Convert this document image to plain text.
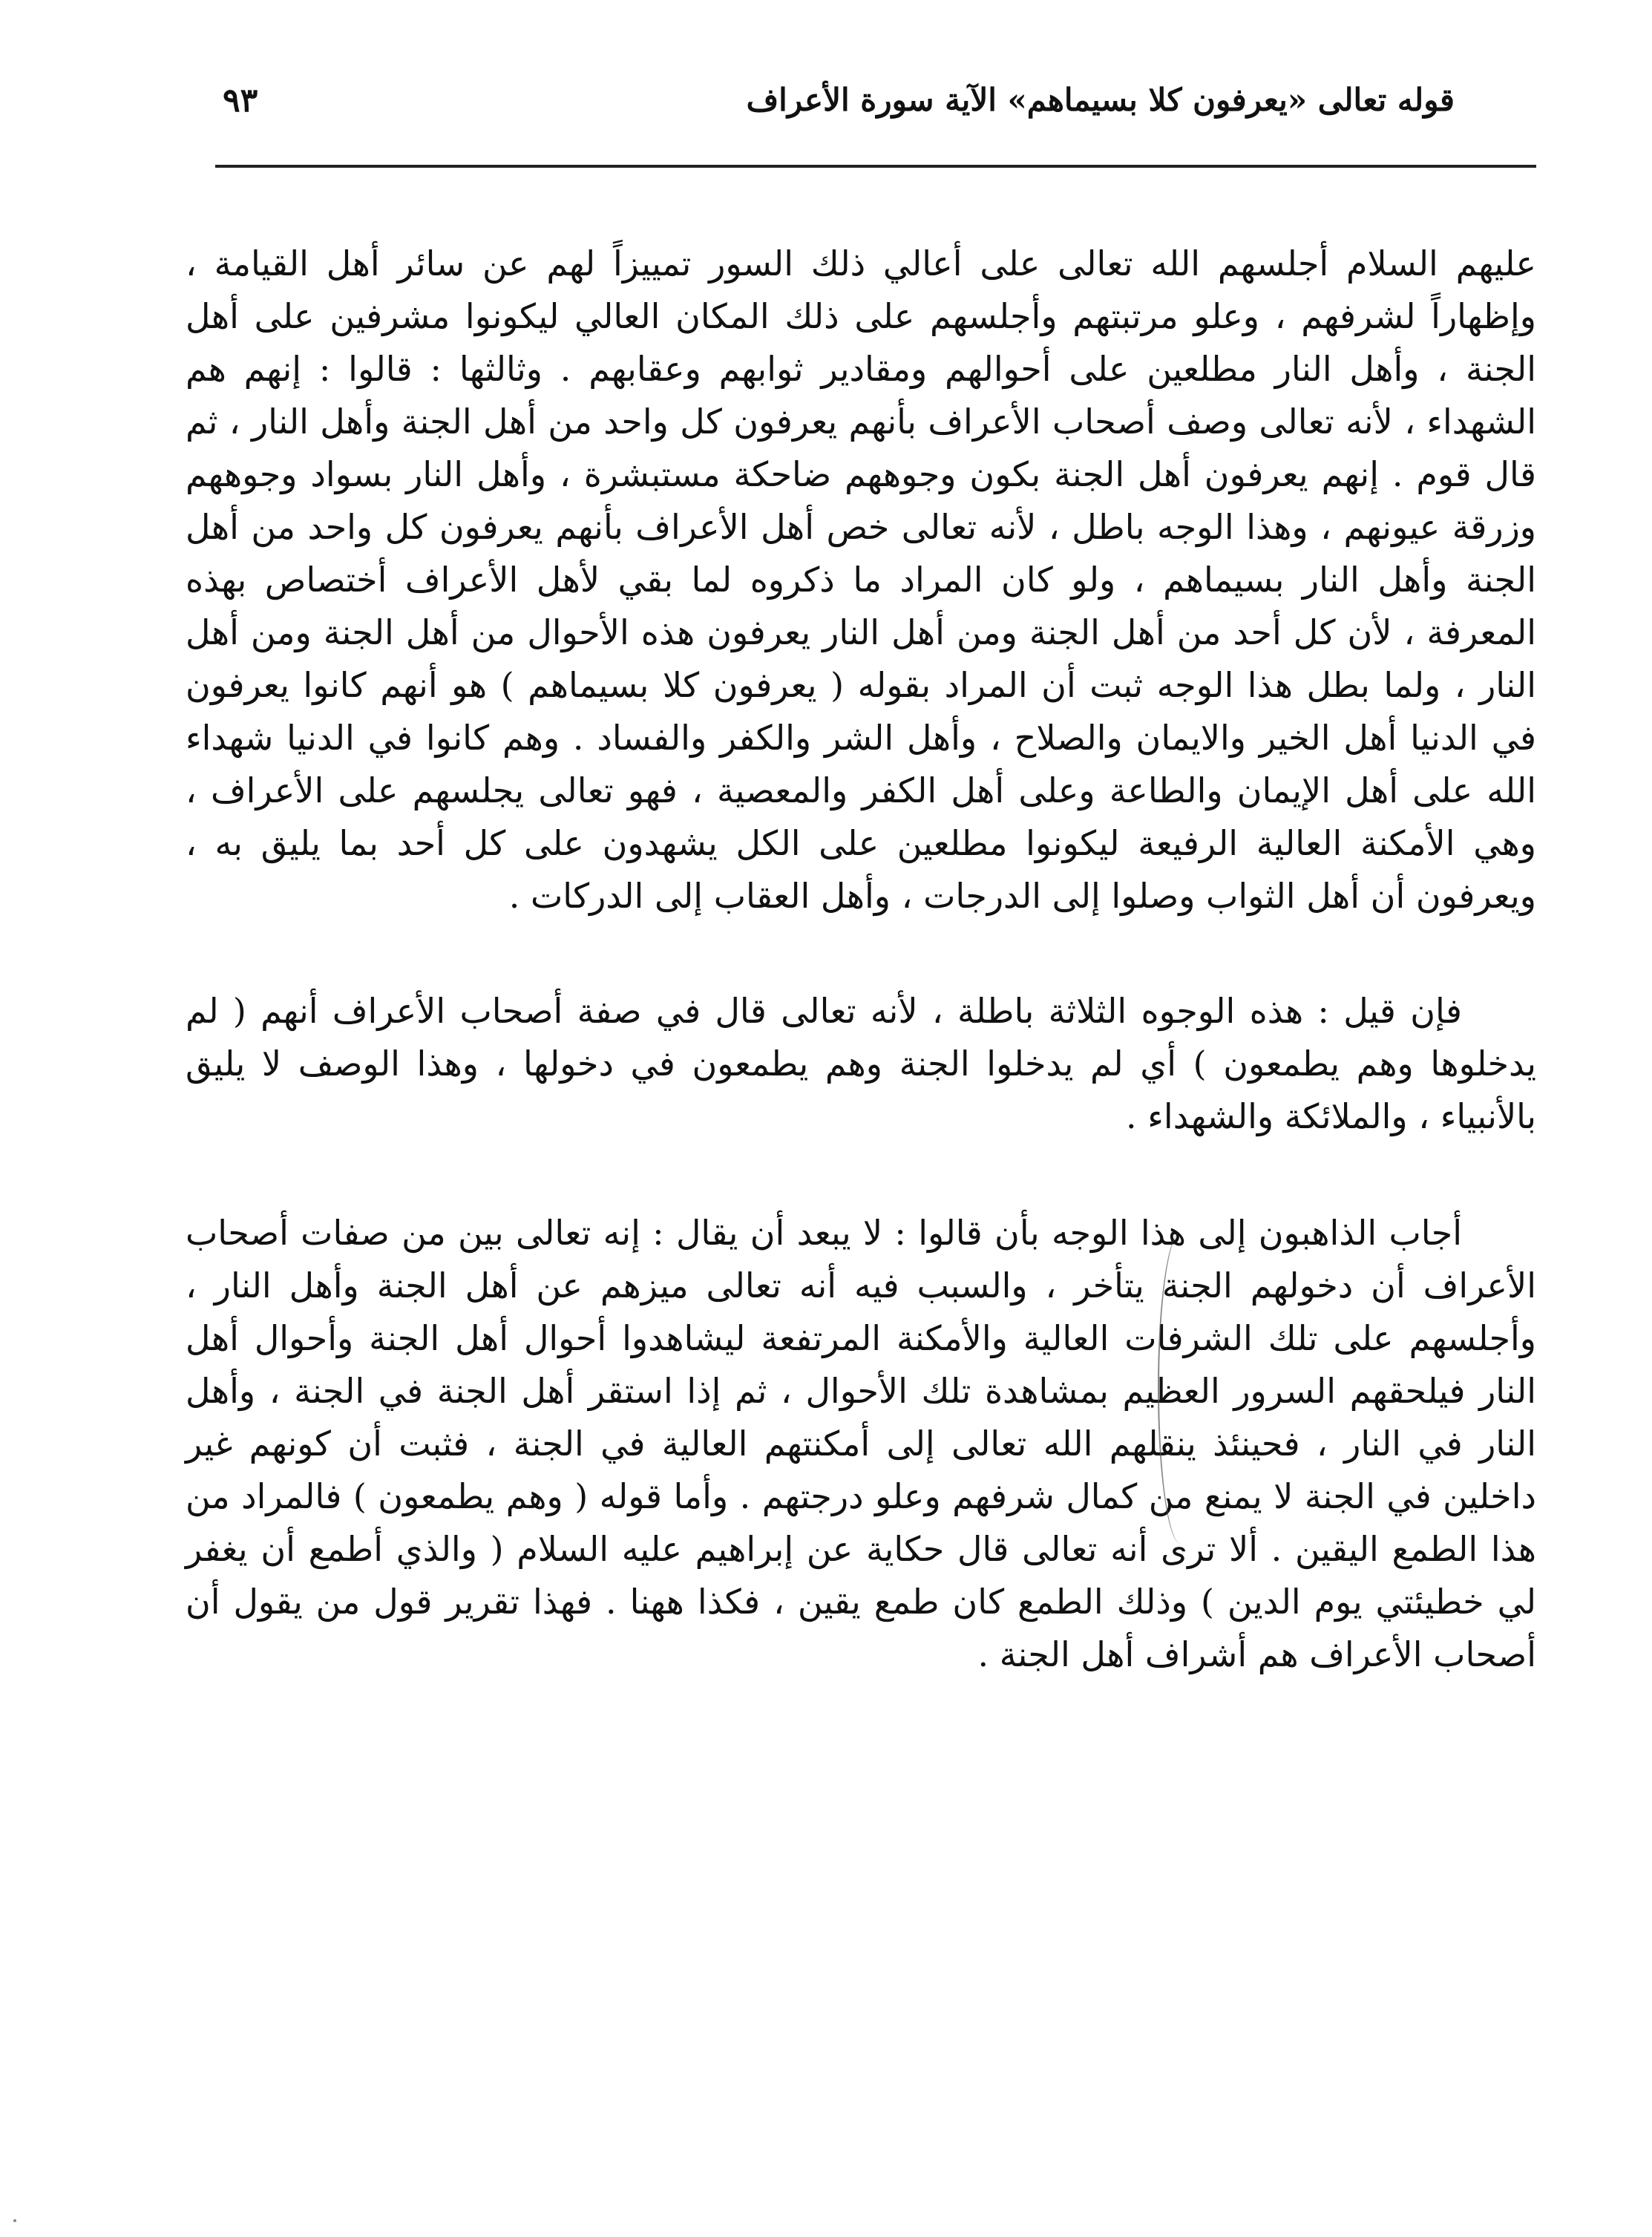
قوله تعالى «يعرفون كلا بسيماهم» الآية سورة الأعراف
٩٣

عليهم السلام أجلسهم الله تعالى على أعالي ذلك السور تمييزاً لهم عن سائر أهل القيامة ، وإظهاراً لشرفهم ، وعلو مرتبتهم وأجلسهم على ذلك المكان العالي ليكونوا مشرفين على أهل الجنة ، وأهل النار مطلعين على أحوالهم ومقادير ثوابهم وعقابهم . وثالثها : قالوا : إنهم هم الشهداء ، لأنه تعالى وصف أصحاب الأعراف بأنهم يعرفون كل واحد من أهل الجنة وأهل النار ، ثم قال قوم . إنهم يعرفون أهل الجنة بكون وجوههم ضاحكة مستبشرة ، وأهل النار بسواد وجوههم وزرقة عيونهم ، وهذا الوجه باطل ، لأنه تعالى خص أهل الأعراف بأنهم يعرفون كل واحد من أهل الجنة وأهل النار بسيماهم ، ولو كان المراد ما ذكروه لما بقي لأهل الأعراف أختصاص بهذه المعرفة ، لأن كل أحد من أهل الجنة ومن أهل النار يعرفون هذه الأحوال من أهل الجنة ومن أهل النار ، ولما بطل هذا الوجه ثبت أن المراد بقوله ( يعرفون كلا بسيماهم ) هو أنهم كانوا يعرفون في الدنيا أهل الخير والايمان والصلاح ، وأهل الشر والكفر والفساد . وهم كانوا في الدنيا شهداء الله على أهل الإيمان والطاعة وعلى أهل الكفر والمعصية ، فهو تعالى يجلسهم على الأعراف ، وهي الأمكنة العالية الرفيعة ليكونوا مطلعين على الكل يشهدون على كل أحد بما يليق به ، ويعرفون أن أهل الثواب وصلوا إلى الدرجات ، وأهل العقاب إلى الدركات .

فإن قيل : هذه الوجوه الثلاثة باطلة ، لأنه تعالى قال في صفة أصحاب الأعراف أنهم ( لم يدخلوها وهم يطمعون ) أي لم يدخلوا الجنة وهم يطمعون في دخولها ، وهذا الوصف لا يليق بالأنبياء ، والملائكة والشهداء .

أجاب الذاهبون إلى هذا الوجه بأن قالوا : لا يبعد أن يقال : إنه تعالى بين من صفات أصحاب الأعراف أن دخولهم الجنة يتأخر ، والسبب فيه أنه تعالى ميزهم عن أهل الجنة وأهل النار ، وأجلسهم على تلك الشرفات العالية والأمكنة المرتفعة ليشاهدوا أحوال أهل الجنة وأحوال أهل النار فيلحقهم السرور العظيم بمشاهدة تلك الأحوال ، ثم إذا استقر أهل الجنة في الجنة ، وأهل النار في النار ، فحينئذ ينقلهم الله تعالى إلى أمكنتهم العالية في الجنة ، فثبت أن كونهم غير داخلين في الجنة لا يمنع من كمال شرفهم وعلو درجتهم . وأما قوله ( وهم يطمعون ) فالمراد من هذا الطمع اليقين . ألا ترى أنه تعالى قال حكاية عن إبراهيم عليه السلام ( والذي أطمع أن يغفر لي خطيئتي يوم الدين ) وذلك الطمع كان طمع يقين ، فكذا ههنا . فهذا تقرير قول من يقول أن أصحاب الأعراف هم أشراف أهل الجنة .
